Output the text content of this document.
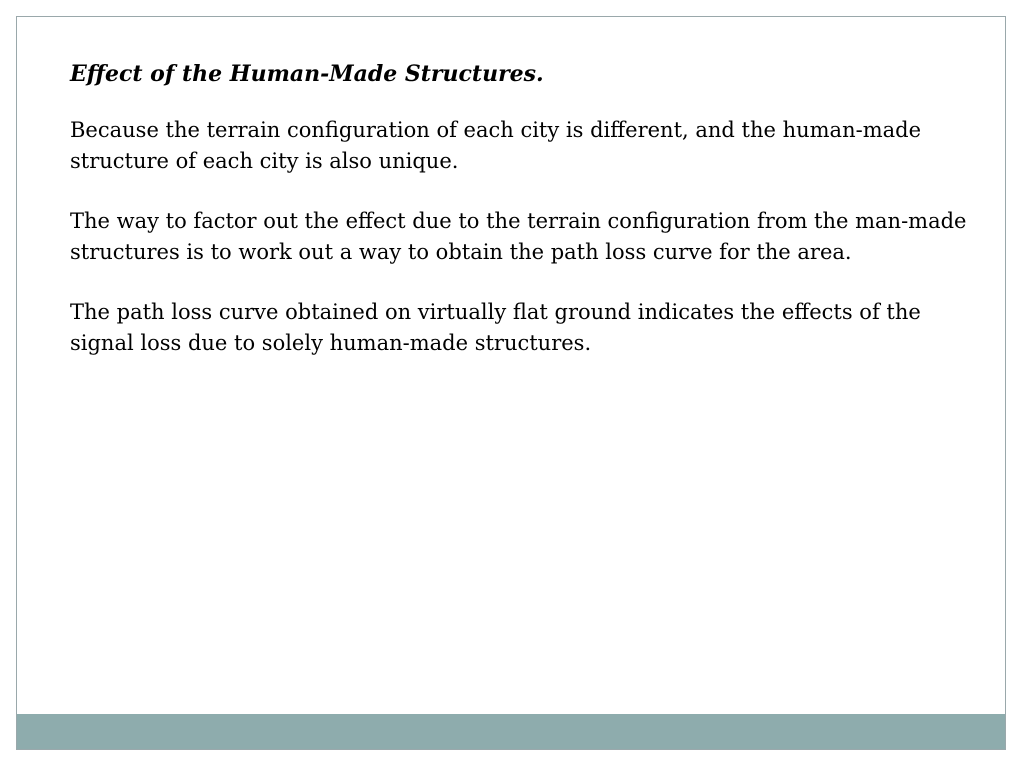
Effect of the Human-Made Structures.

Because the terrain configuration of each city is different, and the human-made structure of each city is also unique.

The way to factor out the effect due to the terrain configuration from the man-made structures is to work out a way to obtain the path loss curve for the area.

The path loss curve obtained on virtually flat ground indicates the effects of the signal loss due to solely human-made structures.
